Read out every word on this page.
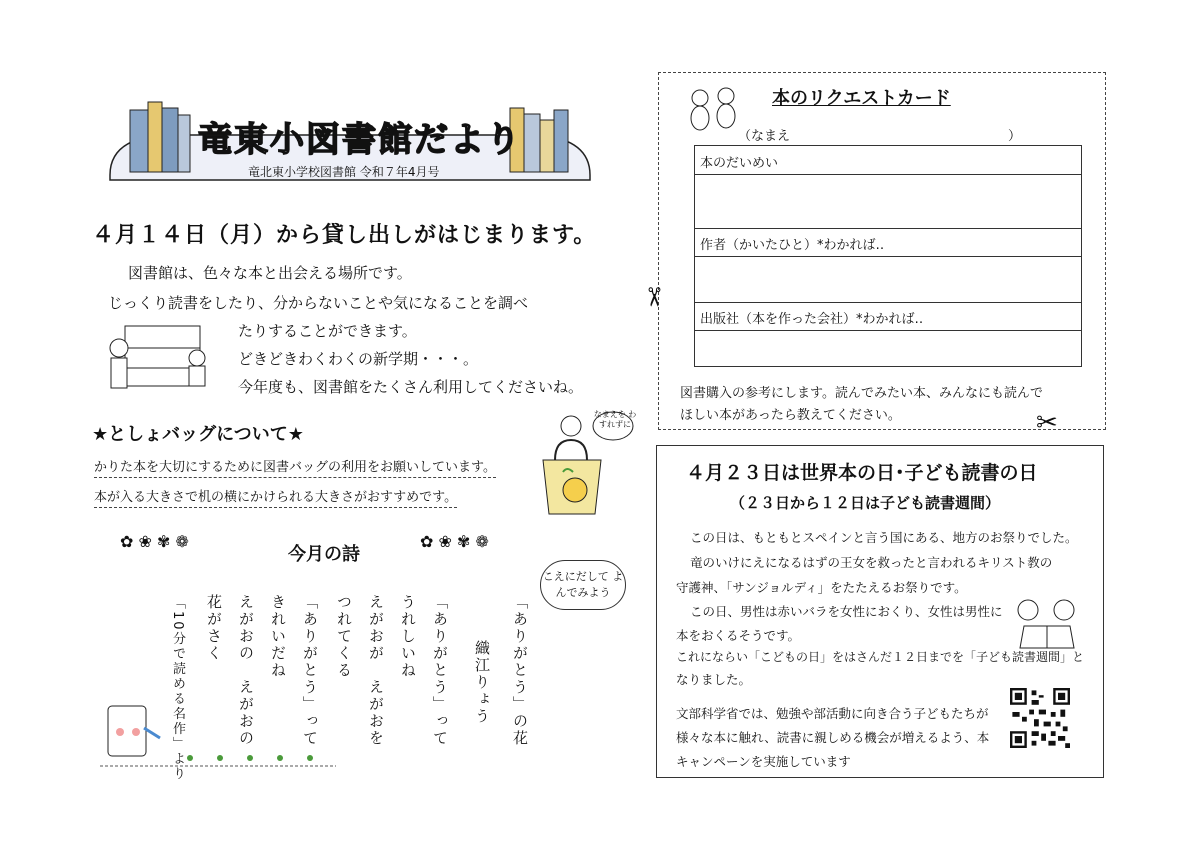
竜東小図書館だより
竜北東小学校図書館 令和７年4月号
４月１４日（月）から貸し出しがはじまります。
図書館は、色々な本と出会える場所です。
じっくり読書をしたり、分からないことや気になることを調べ
たりすることができます。
どきどきわくわくの新学期・・・。
今年度も、図書館をたくさん利用してくださいね。
★としょバッグについて★
かりた本を大切にするために図書バッグの利用をお願いしています。
本が入る大きさで机の横にかけられる大きさがおすすめです。
なまえを わすれずに
✿ ❀ ✾ ❁	✿ ❀ ✾ ❁
今月の詩
「ありがとう」の花
織江りょう
「ありがとう」って
うれしいね
えがおが　えがおを
つれてくる
「ありがとう」って
きれいだね
えがおの　えがおの
花がさく
「10分で読める名作」より
こえにだして よんでみよう
本のリクエストカード
（なまえ	）
本のだいめい
作者（かいたひと）*わかれば‥
出版社（本を作った会社）*わかれば‥
図書購入の参考にします。読んでみたい本、みんなにも読んで
ほしい本があったら教えてください。
✂
✂
４月２３日は世界本の日･子ども読書の日
（２３日から１２日は子ども読書週間）
この日は、もともとスペインと言う国にある、地方のお祭りでした。
竜のいけにえになるはずの王女を救ったと言われるキリスト教の
守護神、「サンジョルディ」をたたえるお祭りです。
この日、男性は赤いバラを女性におくり、女性は男性に
本をおくるそうです。
これにならい「こどもの日」をはさんだ１２日までを「子ども読書週間」と
なりました。
文部科学省では、勉強や部活動に向き合う子どもたちが
様々な本に触れ、読書に親しめる機会が増えるよう、本
キャンペーンを実施しています
